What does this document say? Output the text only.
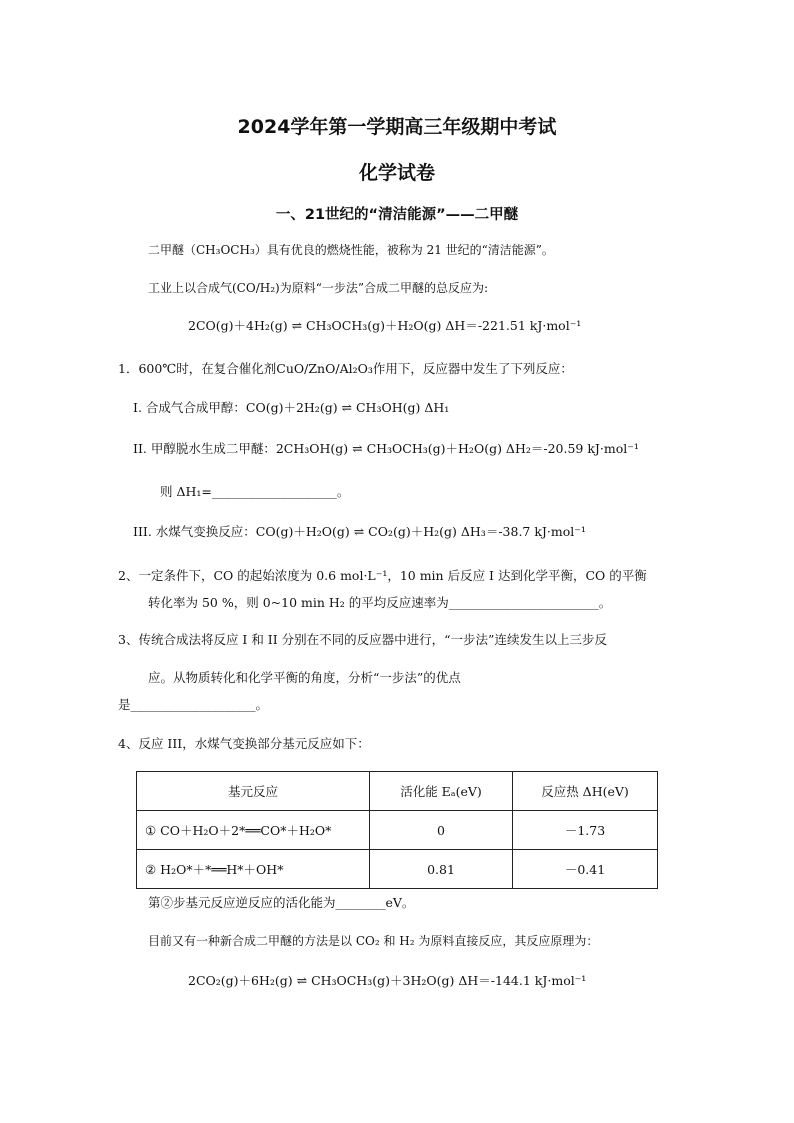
2024学年第一学期高三年级期中考试
化学试卷
一、21世纪的“清洁能源”——二甲醚
二甲醚（CH₃OCH₃）具有优良的燃烧性能，被称为 21 世纪的“清洁能源”。
工业上以合成气(CO/H₂)为原料“一步法”合成二甲醚的总反应为:
2CO(g)＋4H₂(g) ⇌ CH₃OCH₃(g)＋H₂O(g) ΔH＝-221.51 kJ·mol⁻¹
1．600℃时，在复合催化剂CuO/ZnO/Al₂O₃作用下，反应器中发生了下列反应：
I. 合成气合成甲醇：CO(g)＋2H₂(g) ⇌ CH₃OH(g) ΔH₁
II. 甲醇脱水生成二甲醚：2CH₃OH(g) ⇌ CH₃OCH₃(g)＋H₂O(g) ΔH₂＝-20.59 kJ·mol⁻¹
则 ΔH₁=____________________。
III. 水煤气变换反应：CO(g)＋H₂O(g) ⇌ CO₂(g)＋H₂(g) ΔH₃＝-38.7 kJ·mol⁻¹
2、一定条件下，CO 的起始浓度为 0.6 mol·L⁻¹，10 min 后反应 I 达到化学平衡，CO 的平衡
转化率为 50 %，则 0~10 min H₂ 的平均反应速率为________________________。
3、传统合成法将反应 I 和 II 分别在不同的反应器中进行，“一步法”连续发生以上三步反
应。从物质转化和化学平衡的角度，分析“一步法”的优点
是____________________。
4、反应 III，水煤气变换部分基元反应如下：
基元反应	活化能 Eₐ(eV)	反应热 ΔH(eV)
① CO＋H₂O＋2*══CO*＋H₂O*	0	－1.73
② H₂O*＋*══H*＋OH*	0.81	－0.41
第②步基元反应逆反应的活化能为________eV。
目前又有一种新合成二甲醚的方法是以 CO₂ 和 H₂ 为原料直接反应，其反应原理为：
2CO₂(g)＋6H₂(g) ⇌ CH₃OCH₃(g)＋3H₂O(g) ΔH＝-144.1 kJ·mol⁻¹
